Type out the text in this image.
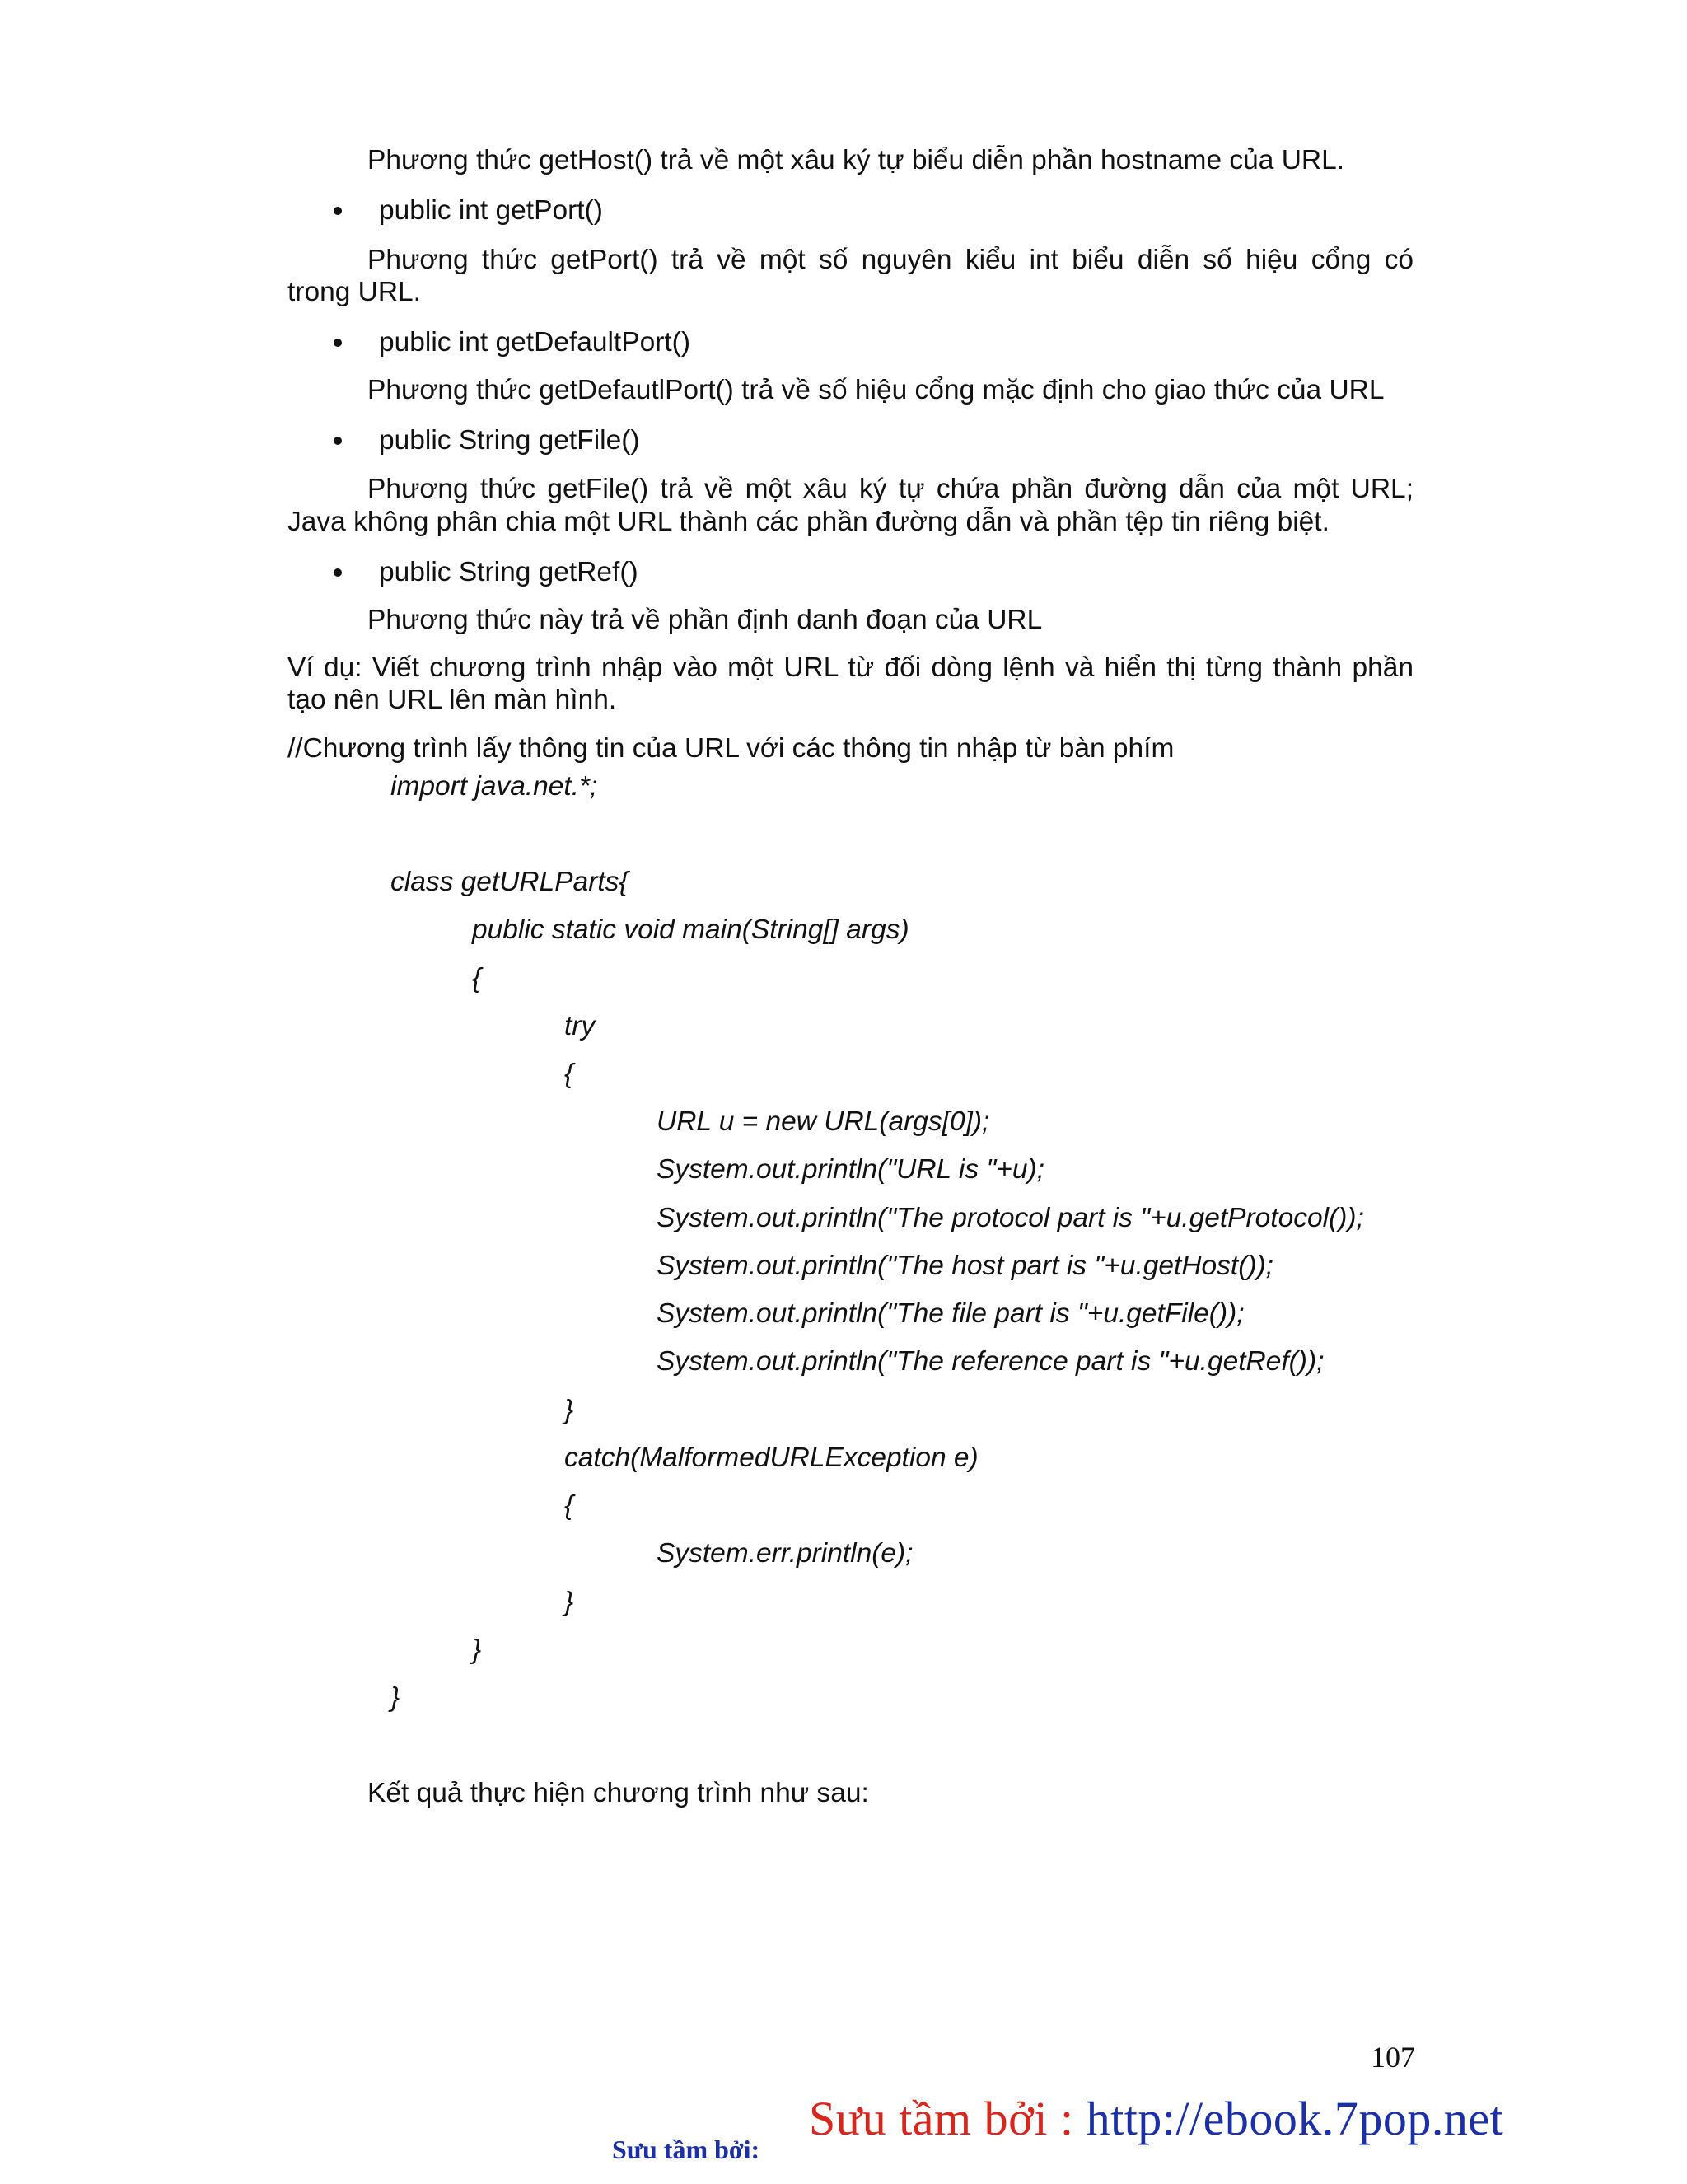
Phương thức getHost() trả về một xâu ký tự biểu diễn phần hostname của URL.

public int getPort()

Phương thức getPort() trả về một số nguyên kiểu int biểu diễn số hiệu cổng có

trong URL.

public int getDefaultPort()

Phương thức getDefautlPort() trả về số hiệu cổng mặc định cho giao thức của URL

public String getFile()

Phương thức getFile() trả về một xâu ký tự chứa phần đường dẫn của một URL;

Java không phân chia một URL thành các phần đường dẫn và phần tệp tin riêng biệt.

public String getRef()

Phương thức này trả về phần định danh đoạn của URL

Ví dụ: Viết chương trình nhập vào một URL từ đối dòng lệnh và hiển thị từng thành phần

tạo nên URL lên màn hình.

//Chương trình lấy thông tin của URL với các thông tin nhập từ bàn phím

import java.net.*;

class getURLParts{

public static void main(String[] args)

{

try

{

URL u = new URL(args[0]);

System.out.println("URL is "+u);

System.out.println("The protocol part is "+u.getProtocol());

System.out.println("The host part is "+u.getHost());

System.out.println("The file part is "+u.getFile());

System.out.println("The reference part is "+u.getRef());

}

catch(MalformedURLException e)

{

System.err.println(e);

}

}

}

Kết quả thực hiện chương trình như sau:

107
Sưu tầm bởi : http://ebook.7pop.net
Sưu tầm bởi:
